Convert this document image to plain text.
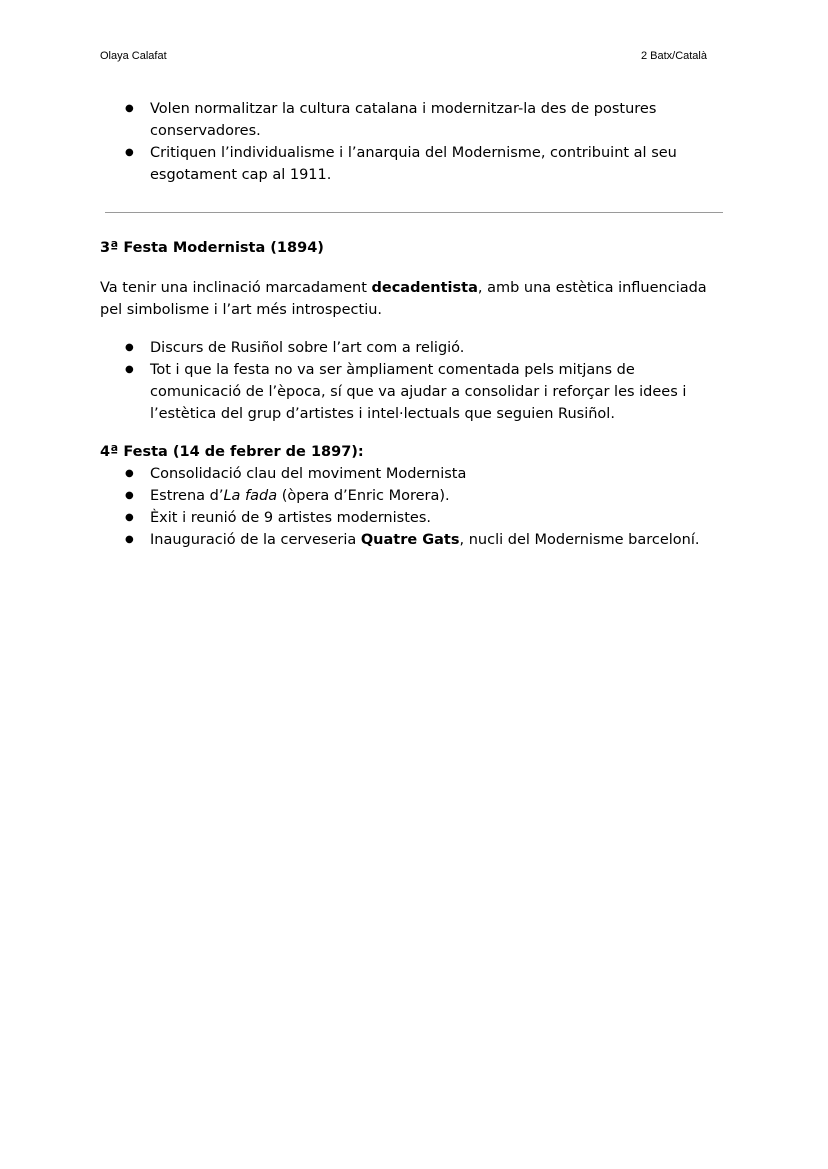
Olaya Calafat	2 Batx/Català
● Volen normalitzar la cultura catalana i modernitzar-la des de postures conservadores.
● Critiquen l’individualisme i l’anarquia del Modernisme, contribuint al seu esgotament cap al 1911.
3ª Festa Modernista (1894)

Va tenir una inclinació marcadament decadentista, amb una estètica influenciada pel simbolisme i l’art més introspectiu.

● Discurs de Rusiñol sobre l’art com a religió.
● Tot i que la festa no va ser àmpliament comentada pels mitjans de comunicació de l’època, sí que va ajudar a consolidar i reforçar les idees i l’estètica del grup d’artistes i intel·lectuals que seguien Rusiñol.
4ª Festa (14 de febrer de 1897):
● Consolidació clau del moviment Modernista
● Estrena d’La fada (òpera d’Enric Morera).
● Èxit i reunió de 9 artistes modernistes.
● Inauguració de la cerveseria Quatre Gats, nucli del Modernisme barceloní.
